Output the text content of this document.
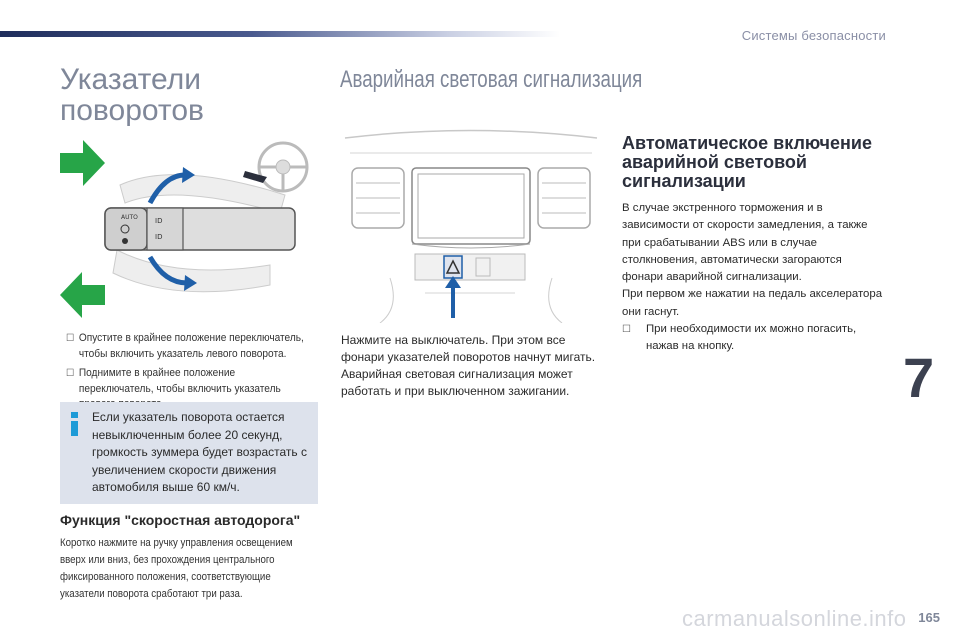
Системы безопасности
Указатели
поворотов
AUTO ID
ID
☐ Опустите в крайнее положение переключатель, чтобы включить указатель левого поворота.
☐ Поднимите в крайнее положение переключатель, чтобы включить указатель
Если указатель поворота остается невыключенным более 20 секунд, громкость зуммера будет возрастать с увеличением скорости движения автомобиля выше 60 км/ч.
Функция "скоростная автодорога"
Коротко нажмите на ручку управления освещением вверх или вниз, без прохождения центрального фиксированного положения, соответствующие указатели поворота сработают три раза.
Аварийная световая сигнализация
Нажмите на выключатель. При этом все фонари указателей поворотов начнут мигать.
Аварийная световая сигнализация может работать и при выключенном зажигании.
Автоматическое включение аварийной световой сигнализации
В случае экстренного торможения и в зависимости от скорости замедления, а также при срабатывании ABS или в случае столкновения, автоматически загораются фонари аварийной сигнализации.
При первом же нажатии на педаль акселератора они гаснут.
☐	При необходимости их можно погасить, нажав на кнопку.	7
carmanualsonline.info 165
